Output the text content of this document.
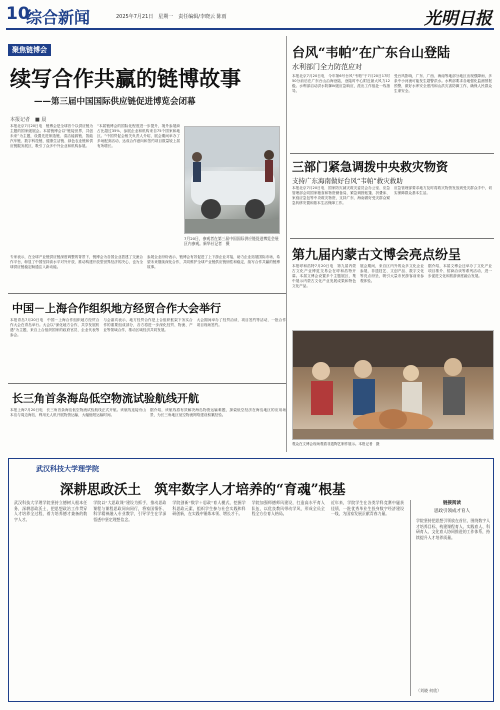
10
综合新闻	2025年7月21日　星期一　责任编辑/李晓云 陈雨	光明日报
聚焦链博会
续写合作共赢的链博故事
——第三届中国国际供应链促进博览会闭幕
本报记者　■ 晨
本报北京7月20日电　链博会是全球首个以供应链为主题的国家级展会。本届链博会以“链接世界，共创未来”为主题，设置先进制造链、清洁能源链、智能汽车链、数字科技链、健康生活链、绿色农业链和供应链服务展区，吸引了众多中外企业和机构参展。
“本届链博会的国际化程度进一步提升，境外参展商占比超过35%，参展企业和机构来自75个国家和地区。”中国贸促会相关负责人介绍，展会期间举办了多场配套活动，达成合作意向和签约项目数量较上届有所增长。
7月20日，参观者在第三届中国国际供应链促进博览会展区内参观。新华社记者　摄
专家表示，在全球产业链供应链深度调整的背景下，链博会为各国企业搭建了交流合作平台，彰显了中国坚持高水平对外开放、推动构建开放型世界经济的决心，也为全球供应链稳定畅通注入新动能。
参展企业纷纷表示，链博会有效促进了上下游企业对接，助力企业拓展国际市场，希望未来继续深化合作，共同维护全球产业链供应链韧性和稳定，续写合作共赢的链博故事。
台风“韦帕”在广东台山登陆
水利部门全力防范应对
本报北京7月20日电　今年第6号台风“韦帕”于7月20日17时50分前后在广东台山沿海登陆，登陆时中心附近最大风力12级。水利部启动洪水防御Ⅳ级应急响应，派出工作组赴一线指导。
受台风影响，广东、广西、海南等地部分地区出现强降雨，多条中小河流可能发生超警洪水。水利部要求各地强化监测预报预警，做好水库安全度汛和山洪灾害防御工作，确保人民群众生命安全。
三部门紧急调拨中央救灾物资
支持广东海南做好台风“韦帕”救灾救助
本报北京7月20日电　国家防灾减灾救灾委员会办公室、应急管理部会同国家粮食和物资储备局，紧急调拨帐篷、折叠床、家庭应急包等中央救灾物资，支持广东、海南做好受灾群众紧急转移安置和基本生活保障工作。
应急管理部要求地方及时将救灾物资发放到受灾群众手中，切实保障群众基本生活。
第九届内蒙古文博会亮点纷呈
本报呼和浩特7月20日电　第九届内蒙古文化产业博览交易会在呼和浩特开幕。本届文博会设置多个主题展区，集中展示内蒙古文化产业发展成果和特色文化产品。
展会期间，来自区内外的众多文化企业参展，非遗技艺、文创产品、数字文化等亮点纷呈，吸引大量市民游客前来参观体验。
据介绍，本届文博会还举办了文化产业项目推介、招商洽谈等系列活动，进一步促进文化和旅游深度融合发展。
观众在文博会现场观看非遗陶艺制作展示。本报记者　摄
中国－上海合作组织地方经贸合作大会举行
本报青岛7月20日电　中国－上海合作组织地方经贸合作大会在青岛举行。大会以“深化地方合作，共享发展机遇”为主题，来自上合组织国家的政府官员、企业代表等参会。
与会嘉宾表示，地方经贸合作是上合组织框架下务实合作的重要组成部分，各方将进一步深化经贸、物流、产业等领域合作，推动区域经济共同发展。
大会期间举办了经贸洽谈、项目签约等活动，一批合作项目现场签约。
长三角首条海岛低空物流试验航线开航
本报上海7月20日电　长三角首条海岛低空物流试验航线正式开航。该航线连接舟山本岛与周边海岛，利用无人机开展物资运输，大幅缩短运输时间。
据介绍，该航线将有效解决海岛物资运输难题，探索低空经济在海岛地区的应用场景，为长三角地区低空物流网络建设积累经验。
武汉科技大学理学院
深耕思政沃土　筑牢数字人才培养的“育魂”根基
武汉科技大学理学院坚持立德树人根本任务，深耕思政沃土，把思想政治工作贯穿人才培养全过程，着力培养德才兼备的数字人才。
学院以“大思政课”建设为抓手，推动思政课程与课程思政同向同行，将家国情怀、科学精神融入专业教学，引导学生在学深悟透中坚定理想信念。
学院创新“数学＋思政”育人模式，挖掘学科思政元素，组织学生参与社会实践和科研创新，在实践中锤炼本领、增长才干。
学院加强师德师风建设，打造高水平育人队伍，以优良教风带动学风，形成全员全程全方位育人格局。
近年来，学院学生在各类学科竞赛中屡获佳绩，一批优秀毕业生投身数字经济建设一线，为国家发展贡献青春力量。
链接阅读
思政引领成才育人
学院坚持把思想引领放在首位，围绕数字人才培养目标，构建课程育人、实践育人、科研育人、文化育人协同推进的工作体系，持续提升人才培养质量。
（刘晓 何欣）
